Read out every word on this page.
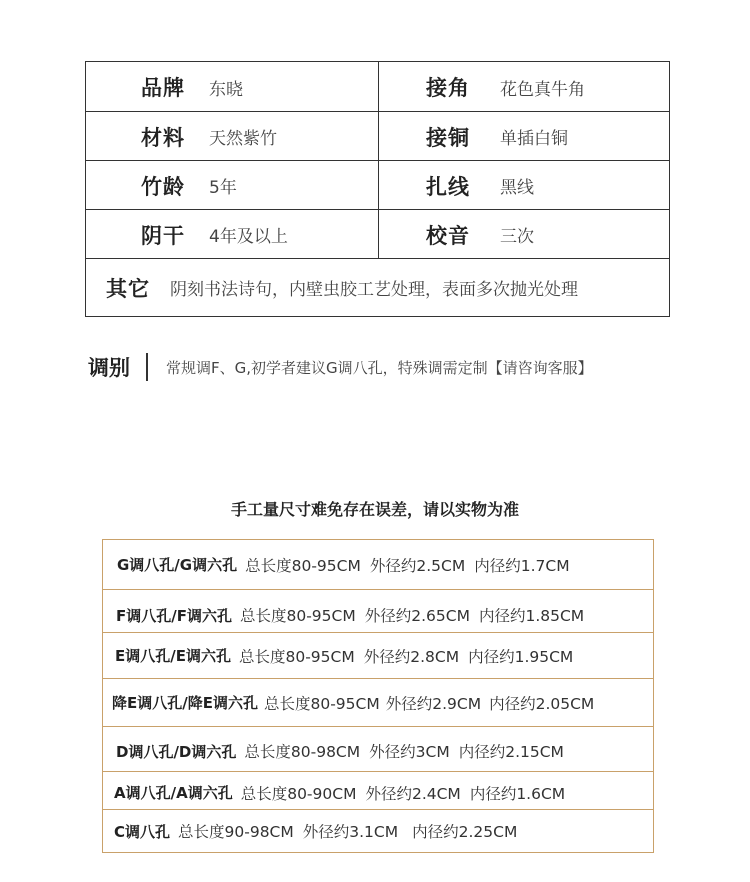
品牌 东晓	接角 花色真牛角
材料 天然紫竹	接铜 单插白铜
竹龄 5年	扎线 黑线
阴干 4年及以上	校音 三次
其它 阴刻书法诗句，内壁虫胶工艺处理，表面多次抛光处理
调别 常规调F、G,初学者建议G调八孔，特殊调需定制【请咨询客服】
手工量尺寸难免存在误差，请以实物为准
G调八孔/G调六孔 总长度80-95CM 外径约2.5CM 内径约1.7CM
F调八孔/F调六孔 总长度80-95CM 外径约2.65CM 内径约1.85CM
E调八孔/E调六孔 总长度80-95CM 外径约2.8CM 内径约1.95CM
降E调八孔/降E调六孔 总长度80-95CM 外径约2.9CM 内径约2.05CM
D调八孔/D调六孔 总长度80-98CM 外径约3CM 内径约2.15CM
A调八孔/A调六孔 总长度80-90CM 外径约2.4CM 内径约1.6CM
C调八孔 总长度90-98CM 外径约3.1CM 内径约2.25CM
